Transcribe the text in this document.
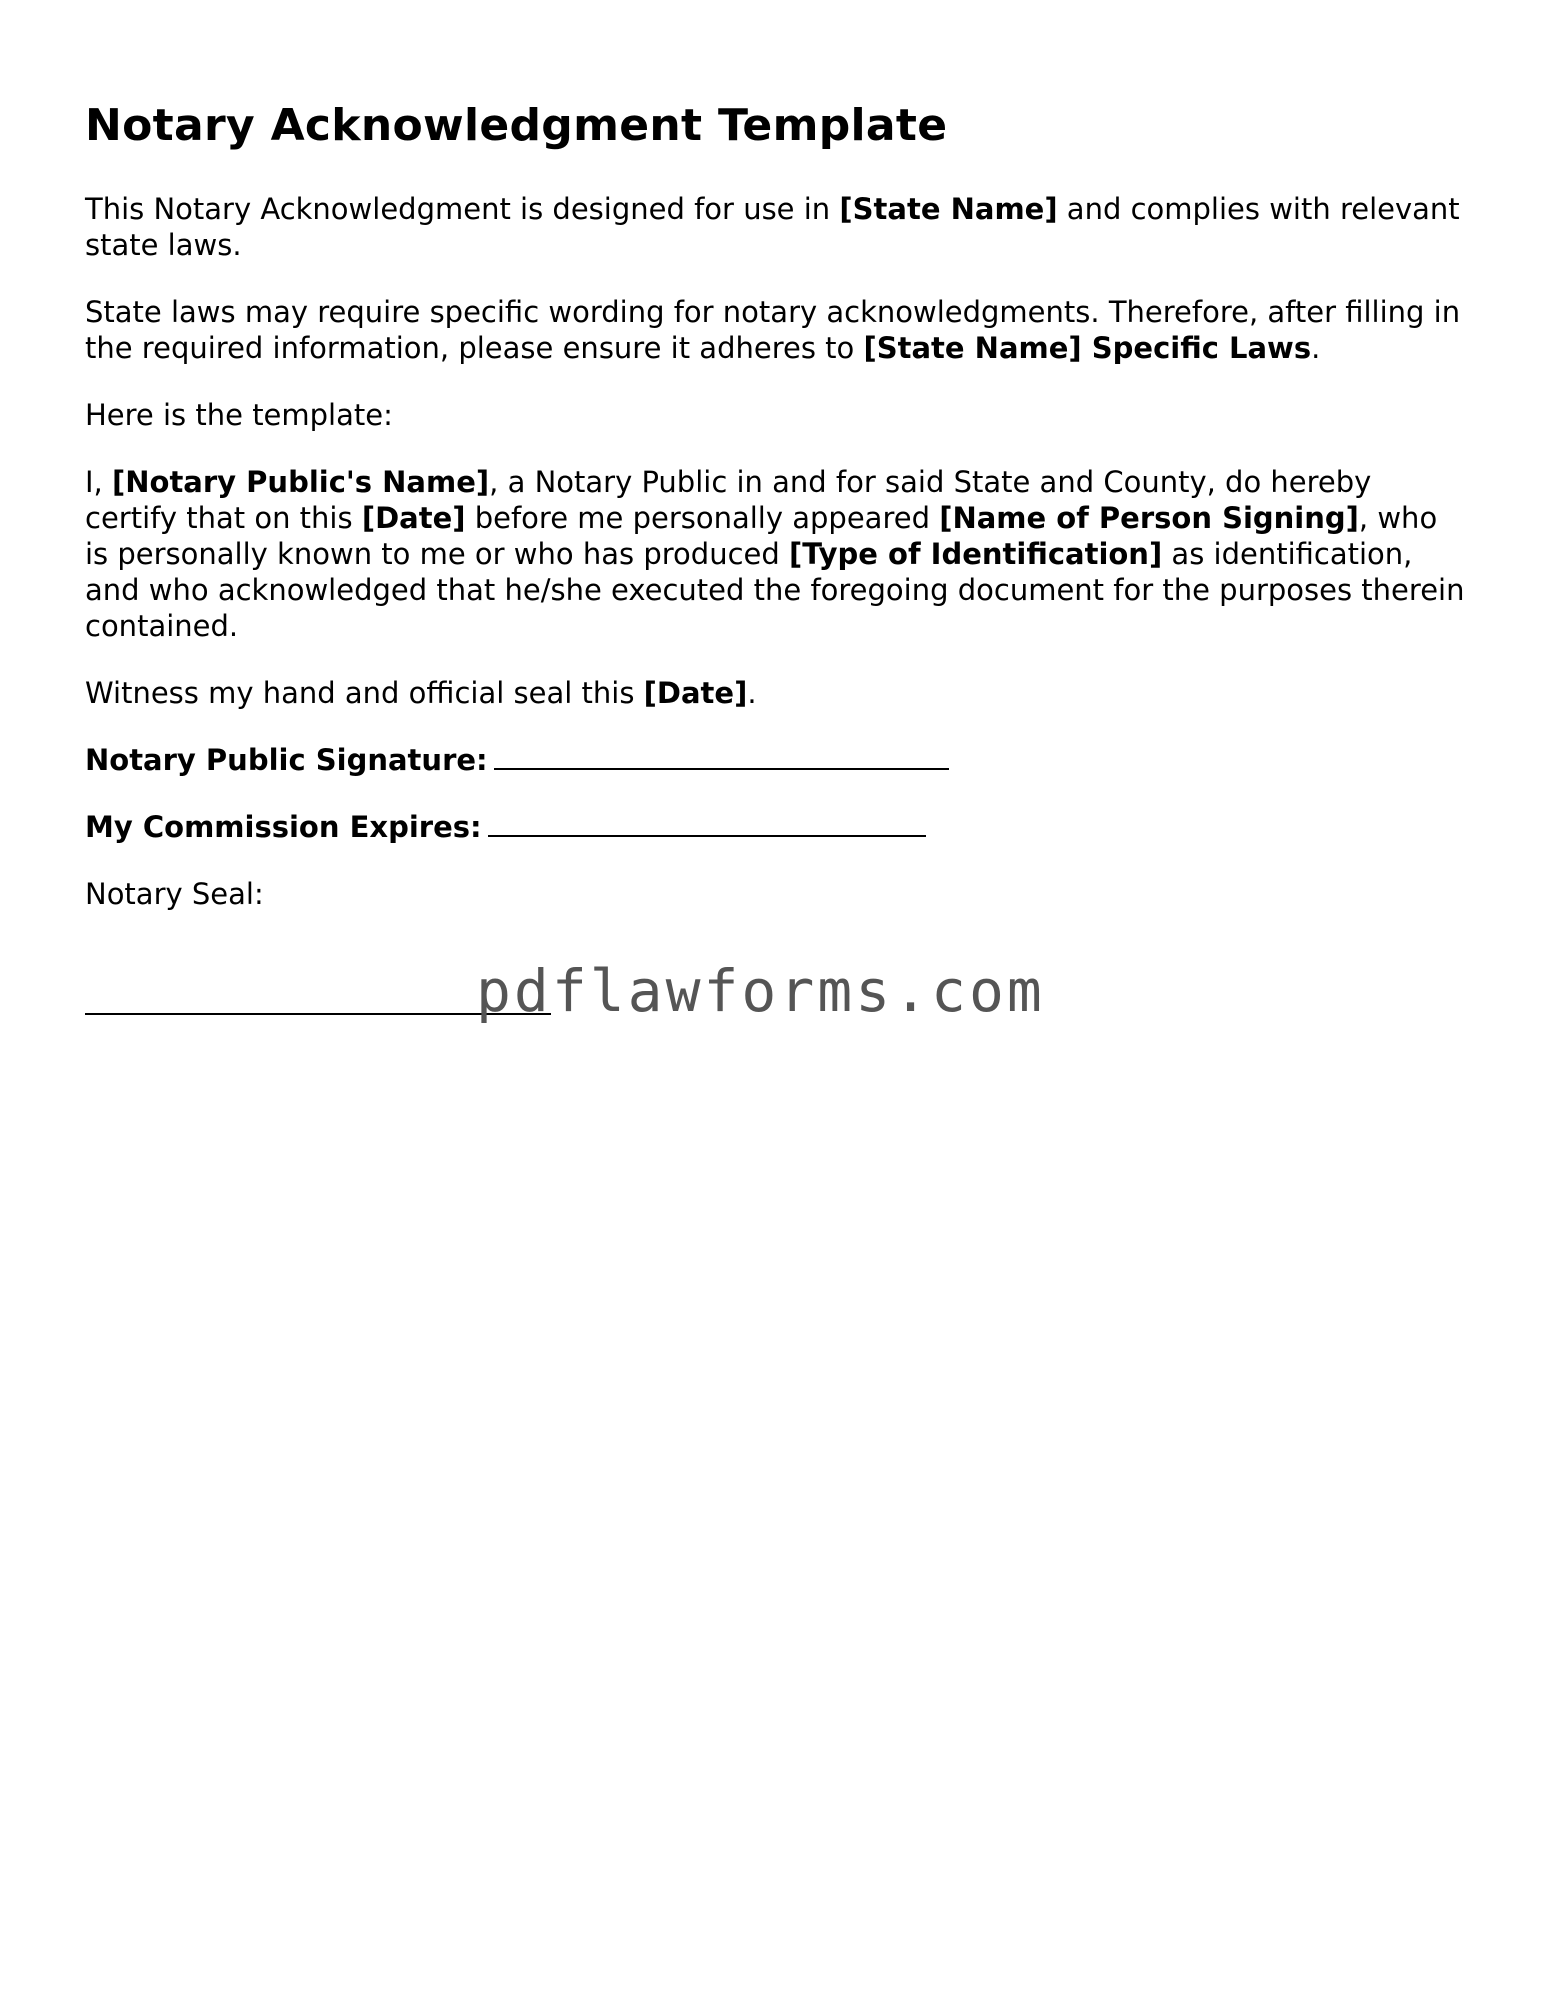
Notary Acknowledgment Template

This Notary Acknowledgment is designed for use in [State Name] and complies with relevant state laws.

State laws may require specific wording for notary acknowledgments. Therefore, after filling in the required information, please ensure it adheres to [State Name] Specific Laws.

Here is the template:

I, [Notary Public's Name], a Notary Public in and for said State and County, do hereby certify that on this [Date] before me personally appeared [Name of Person Signing], who is personally known to me or who has produced [Type of Identification] as identification, and who acknowledged that he/she executed the foregoing document for the purposes therein contained.

Witness my hand and official seal this [Date].

Notary Public Signature:
My Commission Expires:
Notary Seal:
pdflawforms.com
